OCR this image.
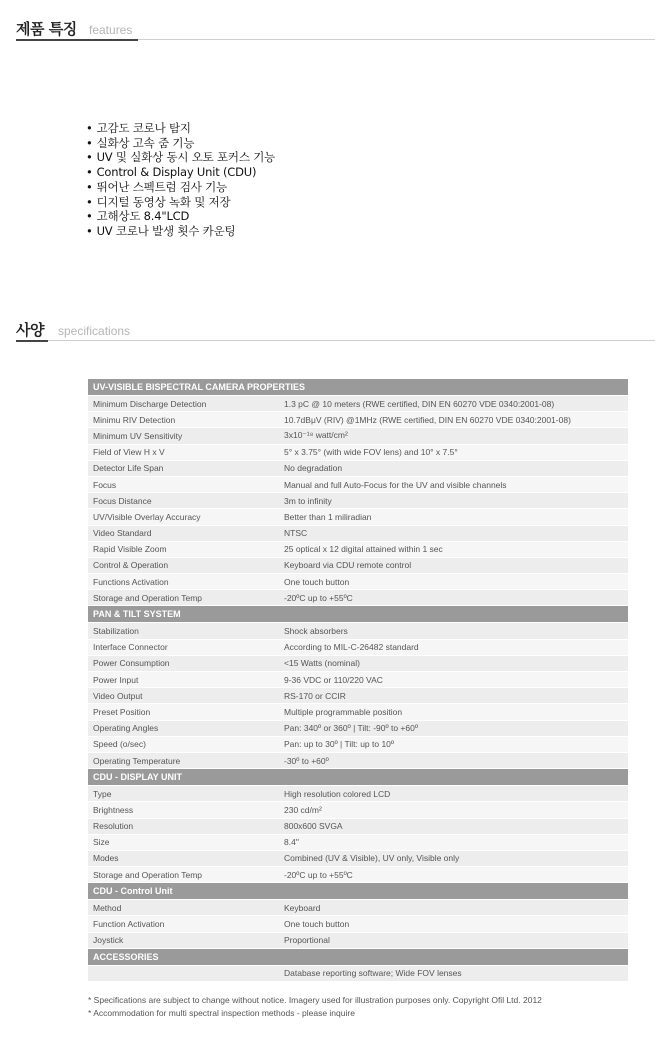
제품 특징 features
• 고감도 코로나 탐지
• 실화상 고속 줌 기능
• UV 및 실화상 동시 오토 포커스 기능
• Control & Display Unit (CDU)
• 뛰어난 스펙트럼 검사 기능
• 디지털 동영상 녹화 및 저장
• 고해상도 8.4"LCD
• UV 코로나 발생 횟수 카운팅
사양 specifications
UV-VISIBLE BISPECTRAL CAMERA PROPERTIES	
Minimum Discharge Detection	1.3 pC @ 10 meters (RWE certified, DIN EN 60270 VDE 0340:2001-08)
Minimu RIV Detection	10.7dBμV (RIV) @1MHz (RWE certified, DIN EN 60270 VDE 0340:2001-08)
Minimum UV Sensitivity	3x10⁻¹⁸ watt/cm²
Field of View H x V	5° x 3.75° (with wide FOV lens) and 10° x 7.5°
Detector Life Span	No degradation
Focus	Manual and full Auto-Focus for the UV and visible channels
Focus Distance	3m to infinity
UV/Visible Overlay Accuracy	Better than 1 miliradian
Video Standard	NTSC
Rapid Visible Zoom	25 optical x 12 digital attained within 1 sec
Control & Operation	Keyboard via CDU remote control
Functions Activation	One touch button
Storage and Operation Temp	-20ºC up to +55ºC
PAN & TILT SYSTEM	
Stabilization	Shock absorbers
Interface Connector	According to MIL-C-26482 standard
Power Consumption	<15 Watts (nominal)
Power Input	9-36 VDC or 110/220 VAC
Video Output	RS-170 or CCIR
Preset Position	Multiple programmable position
Operating Angles	Pan: 340º or 360º | Tilt: -90º to +60º
Speed (o/sec)	Pan: up to 30º | Tilt: up to 10º
Operating Temperature	-30º to +60º
CDU - DISPLAY UNIT	
Type	High resolution colored LCD
Brightness	230 cd/m²
Resolution	800x600 SVGA
Size	8.4"
Modes	Combined (UV & Visible), UV only, Visible only
Storage and Operation Temp	-20ºC up to +55ºC
CDU - Control Unit	
Method	Keyboard
Function Activation	One touch button
Joystick	Proportional
ACCESSORIES	
	Database reporting software; Wide FOV lenses
* Specifications are subject to change without notice. Imagery used for illustration purposes only. Copyright Ofil Ltd. 2012
* Accommodation for multi spectral inspection methods - please inquire
